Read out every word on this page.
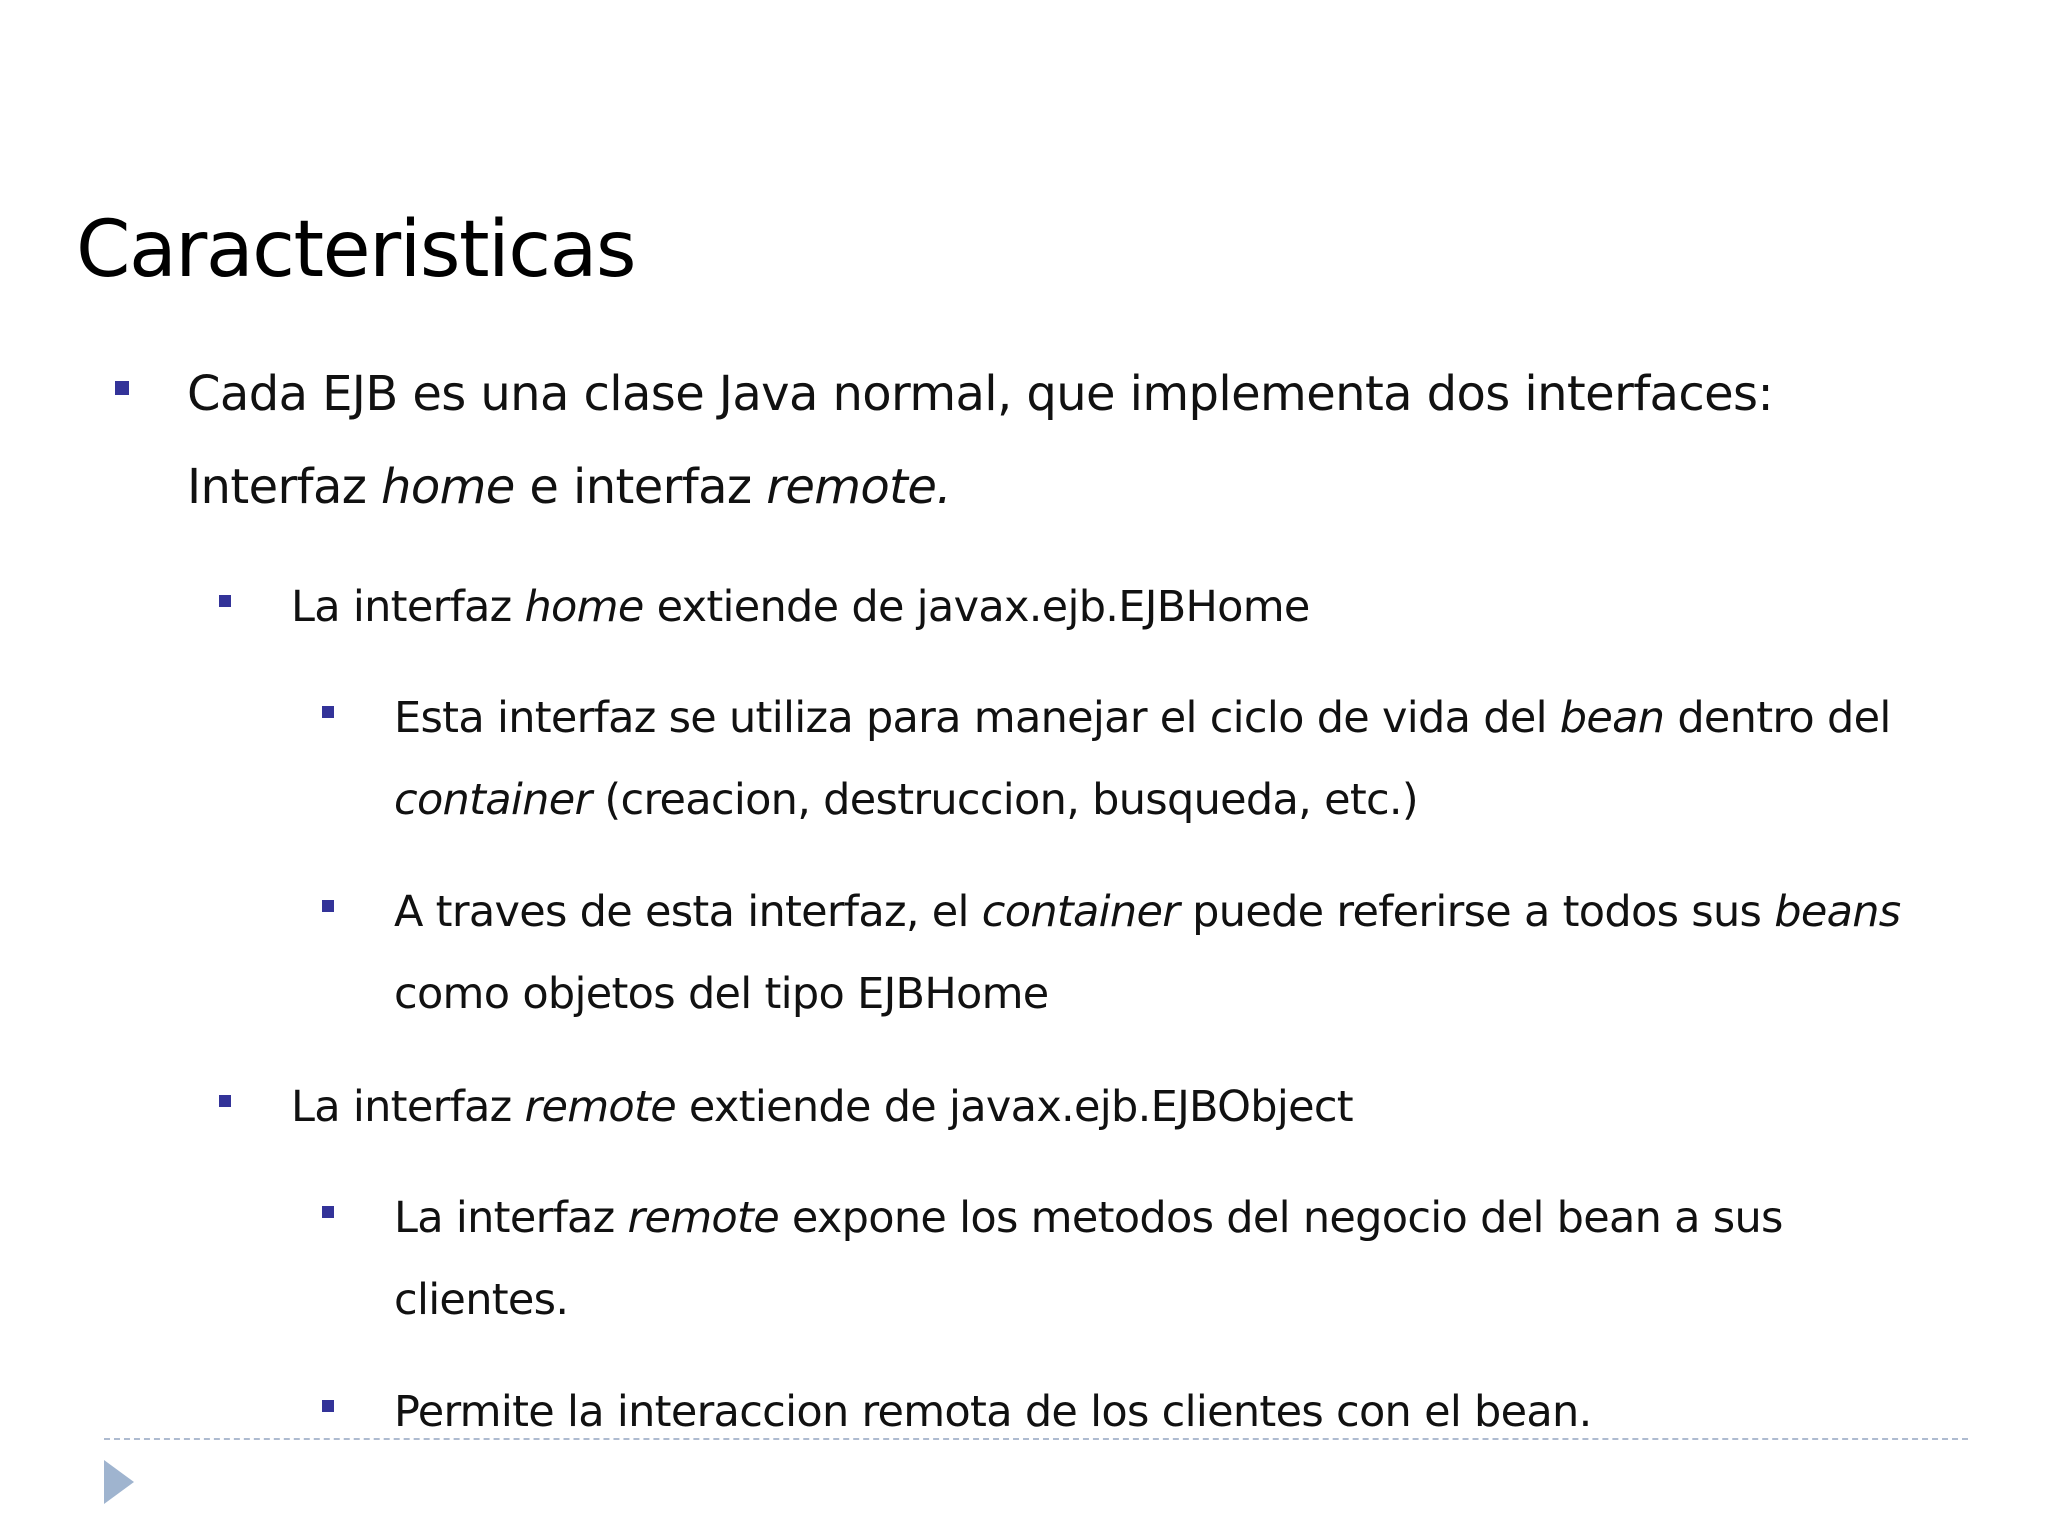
Caracteristicas
Cada EJB es una clase Java normal, que implementa dos interfaces:
Interfaz home e interfaz remote.
La interfaz home extiende de javax.ejb.EJBHome
Esta interfaz se utiliza para manejar el ciclo de vida del bean dentro del
container (creacion, destruccion, busqueda, etc.)
A traves de esta interfaz, el container puede referirse a todos sus beans
como objetos del tipo EJBHome
La interfaz remote extiende de javax.ejb.EJBObject
La interfaz remote expone los metodos del negocio del bean a sus
clientes.
Permite la interaccion remota de los clientes con el bean.
